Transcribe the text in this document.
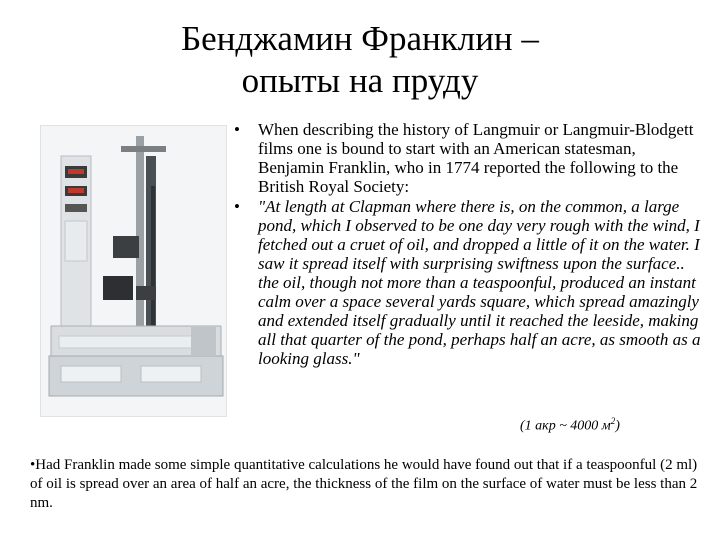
Бенджамин Франклин –
опыты на пруду
• When describing the history of Langmuir or Langmuir-Blodgett films one is bound to start with an American statesman, Benjamin Franklin, who in 1774 reported the following to the British Royal Society:
• "At length at Clapman where there is, on the common, a large pond, which I observed to be one day very rough with the wind, I fetched out a cruet of oil, and dropped a little of it on the water. I saw it spread itself with surprising swiftness upon the surface.. the oil, though not more than a teaspoonful, produced an instant calm over a space several yards square, which spread amazingly and extended itself gradually until it reached the leeside, making all that quarter of the pond, perhaps half an acre, as smooth as a looking glass."
(1 акр ~ 4000 $м^2$)
•Had Franklin made some simple quantitative calculations he would have found out that if a teaspoonful (2 ml) of oil is spread over an area of half an acre, the thickness of the film on the surface of water must be less than 2 nm.
